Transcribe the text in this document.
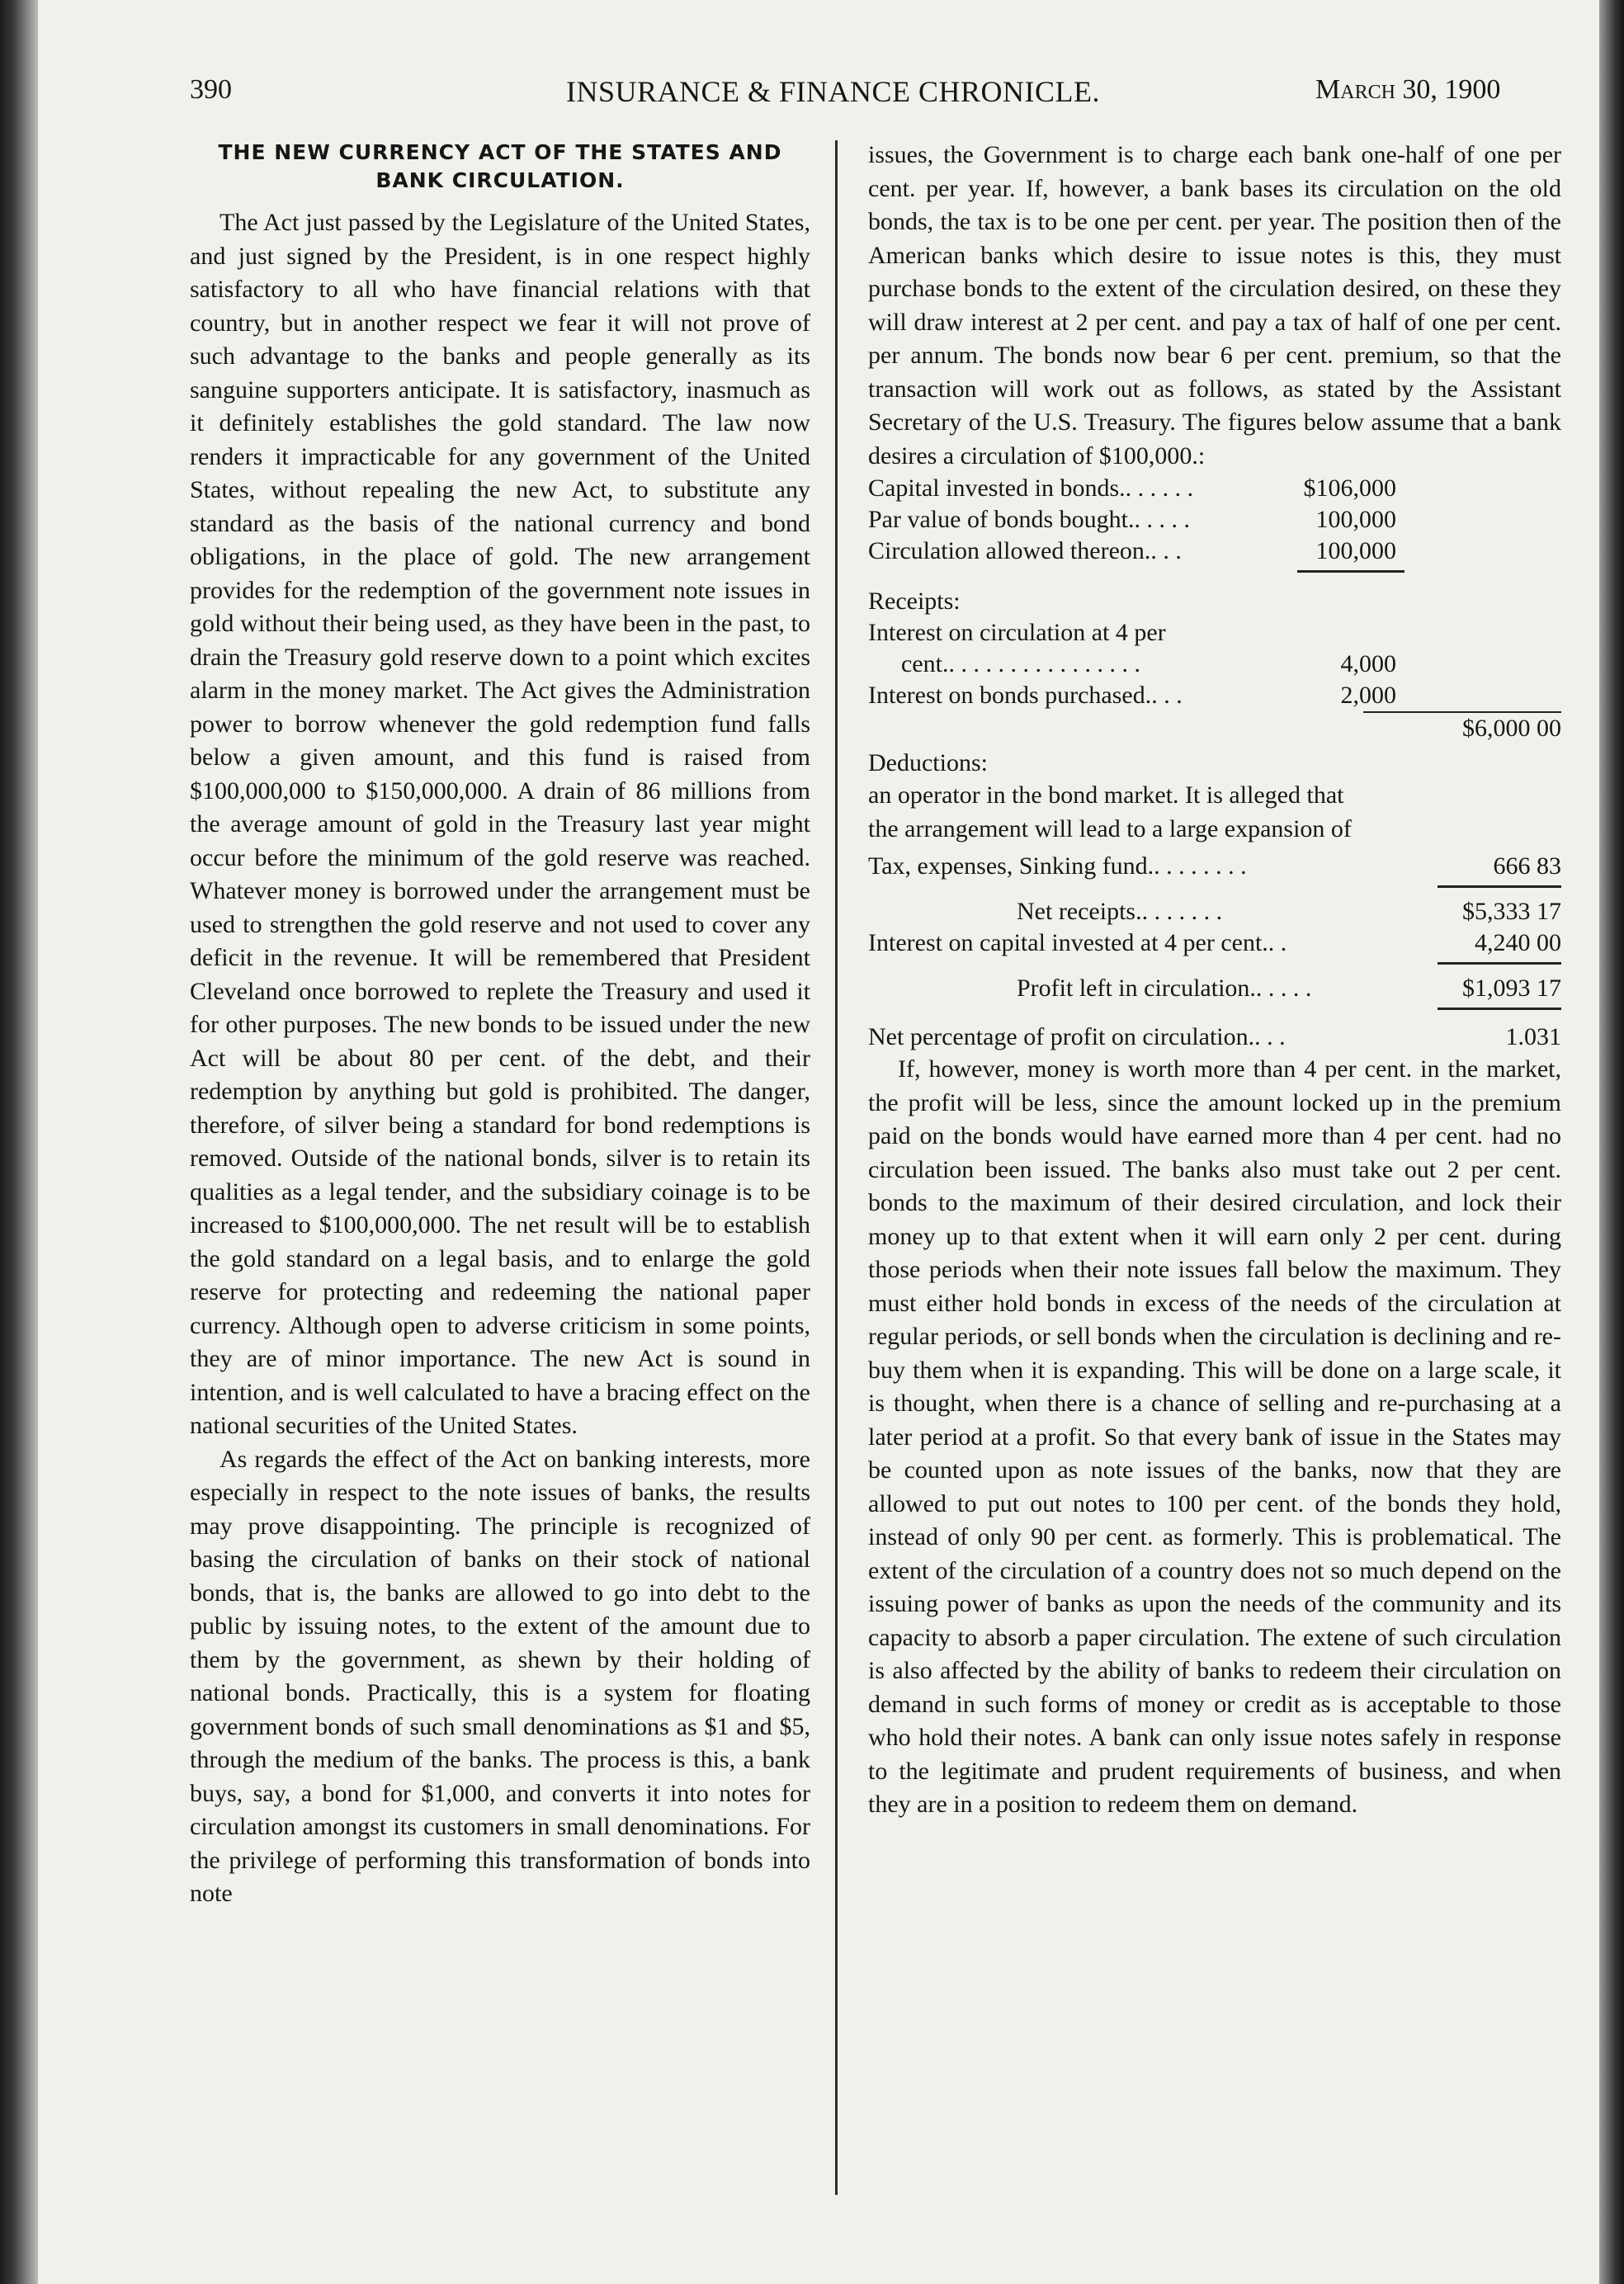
390	INSURANCE & FINANCE CHRONICLE.	March 30, 1900
THE NEW CURRENCY ACT OF THE STATES AND BANK CIRCULATION.

The Act just passed by the Legislature of the United States, and just signed by the President, is in one respect highly satisfactory to all who have financial relations with that country, but in another respect we fear it will not prove of such advantage to the banks and people generally as its sanguine supporters anticipate. It is satisfactory, inasmuch as it definitely establishes the gold standard. The law now renders it impracticable for any government of the United States, without repealing the new Act, to substitute any standard as the basis of the national currency and bond obligations, in the place of gold. The new arrangement provides for the redemption of the government note issues in gold without their being used, as they have been in the past, to drain the Treasury gold reserve down to a point which excites alarm in the money market. The Act gives the Administration power to borrow whenever the gold redemption fund falls below a given amount, and this fund is raised from $100,000,000 to $150,000,000. A drain of 86 millions from the average amount of gold in the Treasury last year might occur before the minimum of the gold reserve was reached. Whatever money is borrowed under the arrangement must be used to strengthen the gold reserve and not used to cover any deficit in the revenue. It will be remembered that President Cleveland once borrowed to replete the Treasury and used it for other purposes. The new bonds to be issued under the new Act will be about 80 per cent. of the debt, and their redemption by anything but gold is prohibited. The danger, therefore, of silver being a standard for bond redemptions is removed. Outside of the national bonds, silver is to retain its qualities as a legal tender, and the subsidiary coinage is to be increased to $100,000,000. The net result will be to establish the gold standard on a legal basis, and to enlarge the gold reserve for protecting and redeeming the national paper currency. Although open to adverse criticism in some points, they are of minor importance. The new Act is sound in intention, and is well calculated to have a bracing effect on the national securities of the United States.

As regards the effect of the Act on banking interests, more especially in respect to the note issues of banks, the results may prove disappointing. The principle is recognized of basing the circulation of banks on their stock of national bonds, that is, the banks are allowed to go into debt to the public by issuing notes, to the extent of the amount due to them by the government, as shewn by their holding of national bonds. Practically, this is a system for floating government bonds of such small denominations as $1 and $5, through the medium of the banks. The process is this, a bank buys, say, a bond for $1,000, and converts it into notes for circulation amongst its customers in small denominations. For the privilege of performing this transformation of bonds into note

issues, the Government is to charge each bank one-half of one per cent. per year. If, however, a bank bases its circulation on the old bonds, the tax is to be one per cent. per year. The position then of the American banks which desire to issue notes is this, they must purchase bonds to the extent of the circulation desired, on these they will draw interest at 2 per cent. and pay a tax of half of one per cent. per annum. The bonds now bear 6 per cent. premium, so that the transaction will work out as follows, as stated by the Assistant Secretary of the U.S. Treasury. The figures below assume that a bank desires a circulation of $100,000.:

Capital invested in bonds.. . . . . .	$106,000
Par value of bonds bought.. . . . .	100,000
Circulation allowed thereon.. . .	100,000
Receipts:
Interest on circulation at 4 per
cent.. . . . . . . . . . . . . . . .	4,000
Interest on bonds purchased.. . .	2,000
$6,000 00
Deductions:

an operator in the bond market. It is alleged that

the arrangement will lead to a large expansion of

Tax, expenses, Sinking fund.. . . . . . . .	666 83
Net receipts.. . . . . . .	$5,333 17
Interest on capital invested at 4 per cent.. .	4,240 00
Profit left in circulation.. . . . .	$1,093 17
Net percentage of profit on circulation.. . .	1.031

If, however, money is worth more than 4 per cent. in the market, the profit will be less, since the amount locked up in the premium paid on the bonds would have earned more than 4 per cent. had no circulation been issued. The banks also must take out 2 per cent. bonds to the maximum of their desired circulation, and lock their money up to that extent when it will earn only 2 per cent. during those periods when their note issues fall below the maximum. They must either hold bonds in excess of the needs of the circulation at regular periods, or sell bonds when the circulation is declining and re-buy them when it is expanding. This will be done on a large scale, it is thought, when there is a chance of selling and re-purchasing at a later period at a profit. So that every bank of issue in the States may be counted upon as note issues of the banks, now that they are allowed to put out notes to 100 per cent. of the bonds they hold, instead of only 90 per cent. as formerly. This is problematical. The extent of the circulation of a country does not so much depend on the issuing power of banks as upon the needs of the community and its capacity to absorb a paper circulation. The extene of such circulation is also affected by the ability of banks to redeem their circulation on demand in such forms of money or credit as is acceptable to those who hold their notes. A bank can only issue notes safely in response to the legitimate and prudent requirements of business, and when they are in a position to redeem them on demand.
